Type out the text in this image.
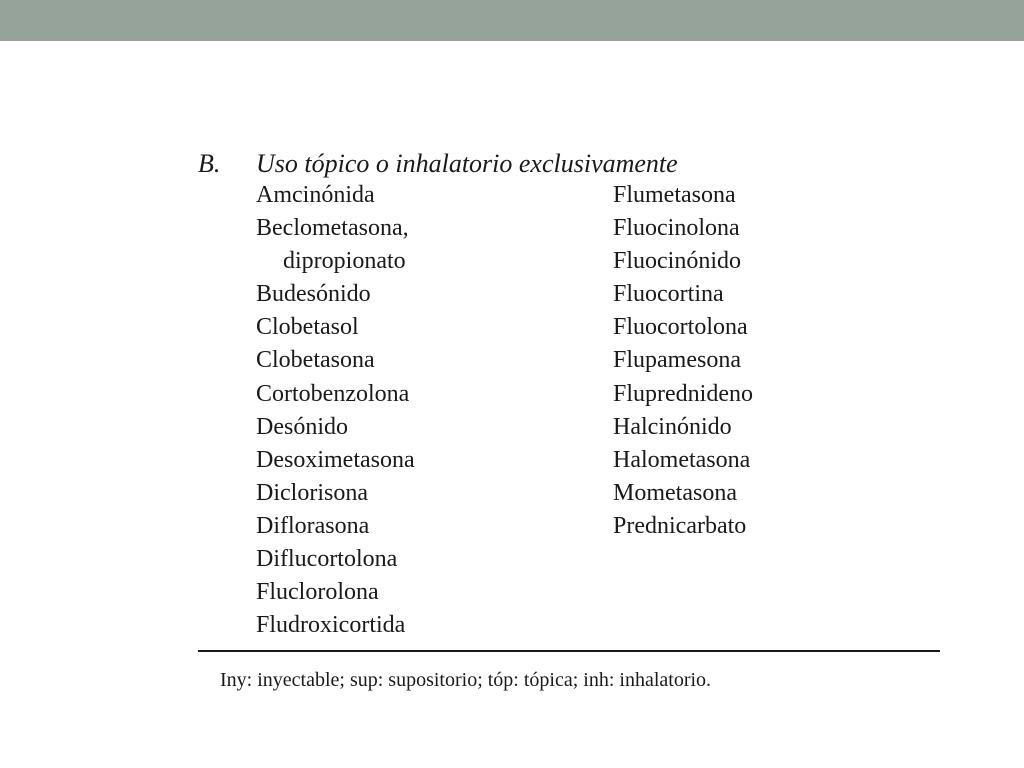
B. Uso tópico o inhalatorio exclusivamente
Amcinónida
Beclometasona,
dipropionato
Budesónido
Clobetasol
Clobetasona
Cortobenzolona
Desónido
Desoximetasona
Diclorisona
Diflorasona
Diflucortolona
Fluclorolona
Fludroxicortida
Flumetasona
Fluocinolona
Fluocinónido
Fluocortina
Fluocortolona
Flupamesona
Fluprednideno
Halcinónido
Halometasona
Mometasona
Prednicarbato
Iny: inyectable; sup: supositorio; tóp: tópica; inh: inhalatorio.
